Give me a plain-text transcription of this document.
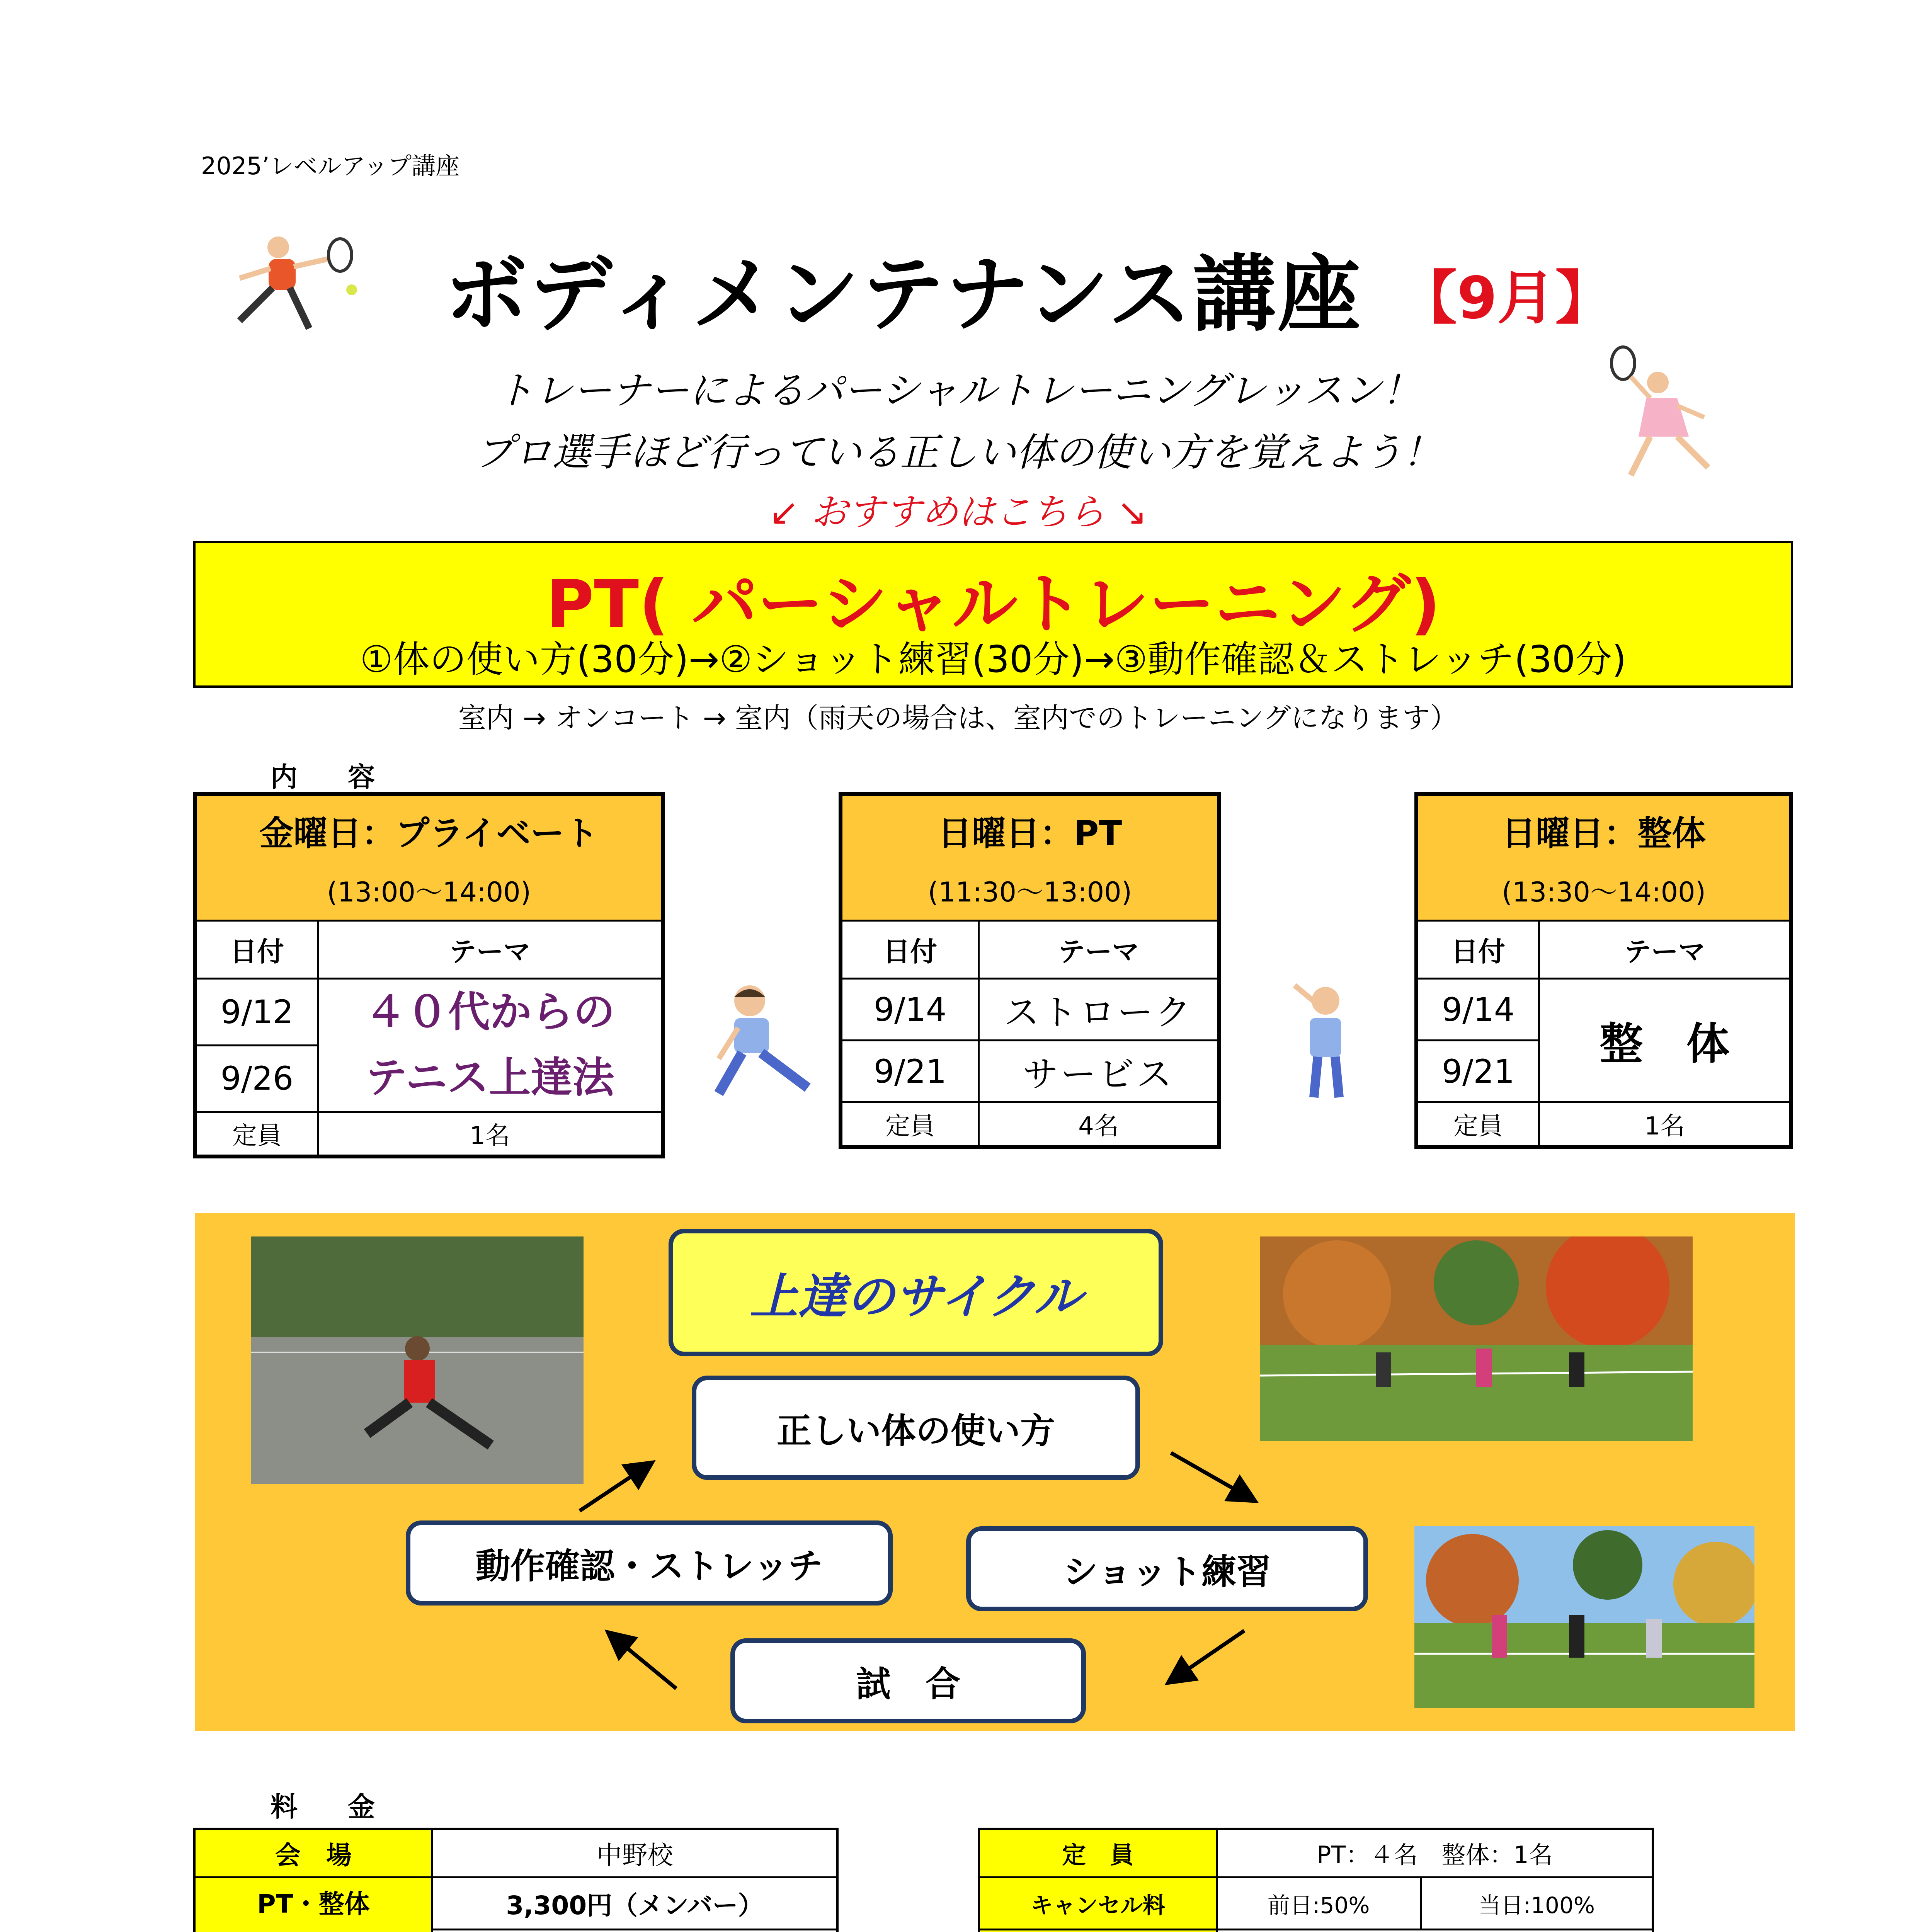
2025’レベルアップ講座
ボディメンテナンス講座 【9月】
トレーナーによるパーシャルトレーニングレッスン！
プロ選手ほど行っている正しい体の使い方を覚えよう！
↙ おすすめはこちら ↘
PT( パーシャルトレーニング)
①体の使い方(30分)→②ショット練習(30分)→③動作確認＆ストレッチ(30分)
室内 → オンコート → 室内（雨天の場合は、室内でのトレーニングになります）
内　容
金曜日：プライベート
(13:00～14:00)	

日付	テーマ
9/12	４０代からの
テニス上達法

9/26	
定員	1名
日曜日：PT
(11:30～13:00)	

日付	テーマ
9/14	ストローク
9/21	サービス
定員	4名
日曜日：整体
(13:30～14:00)	

日付	テーマ
9/14	整　体
9/21	
定員	1名
上達のサイクル
正しい体の使い方
ショット練習
試　合
動作確認・ストレッチ
料　金
会　場	中野校

PT・整体	3,300円（メンバー）

定　員	PT：４名　整体：1名	
キャンセル料	前日:50%	当日:100%
